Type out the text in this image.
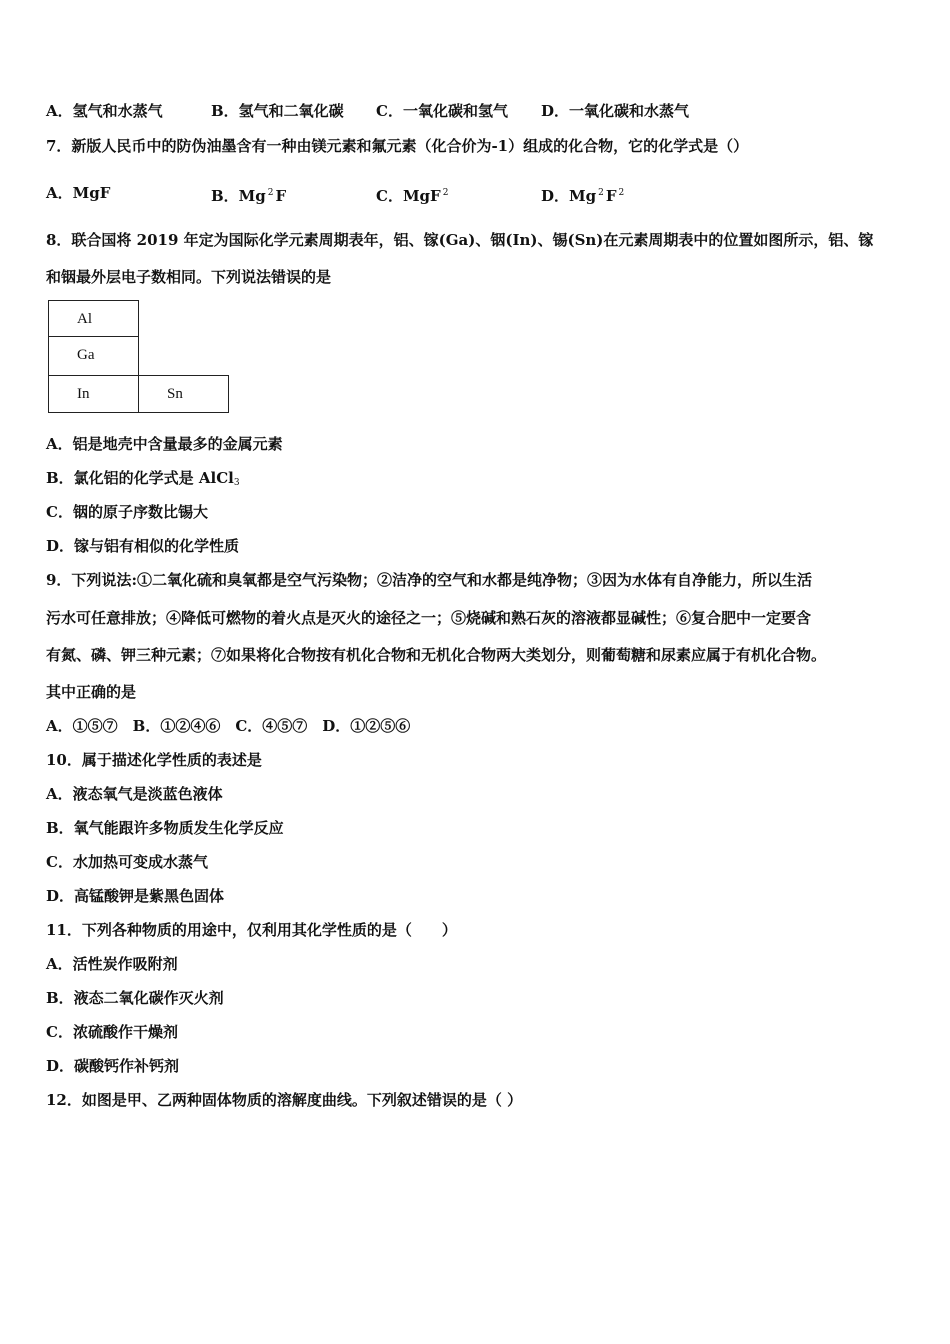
A．氢气和水蒸气	B．氢气和二氧化碳 C．一氧化碳和氢气 D．一氧化碳和水蒸气
7．新版人民币中的防伪油墨含有一种由镁元素和氟元素（化合价为-1）组成的化合物，它的化学式是（）
A．MgF	B．Mg $^2$ F	C．MgF $^2$	D．Mg $^2$ F $^2$
8．联合国将 2019 年定为国际化学元素周期表年，铝、镓(Ga)、铟(In)、锡(Sn)在元素周期表中的位置如图所示，铝、镓
和铟最外层电子数相同。下列说法错误的是
Al
Ga
In	Sn
A．铝是地壳中含量最多的金属元素
B．氯化铝的化学式是 AlCl$_3$
C．铟的原子序数比锡大
D．镓与铝有相似的化学性质
9．下列说法:①二氧化硫和臭氧都是空气污染物；②洁净的空气和水都是纯净物；③因为水体有自净能力，所以生活
污水可任意排放；④降低可燃物的着火点是灭火的途径之一；⑤烧碱和熟石灰的溶液都显碱性；⑥复合肥中一定要含
有氮、磷、钾三种元素；⑦如果将化合物按有机化合物和无机化合物两大类划分，则葡萄糖和尿素应属于有机化合物。
其中正确的是
A．①⑤⑦　B．①②④⑥　C．④⑤⑦　D．①②⑤⑥
10．属于描述化学性质的表述是
A．液态氧气是淡蓝色液体
B．氧气能跟许多物质发生化学反应
C．水加热可变成水蒸气
D．高锰酸钾是紫黑色固体
11．下列各种物质的用途中，仅利用其化学性质的是（　　）
A．活性炭作吸附剂
B．液态二氧化碳作灭火剂
C．浓硫酸作干燥剂
D．碳酸钙作补钙剂
12．如图是甲、乙两种固体物质的溶解度曲线。下列叙述错误的是（ ）
